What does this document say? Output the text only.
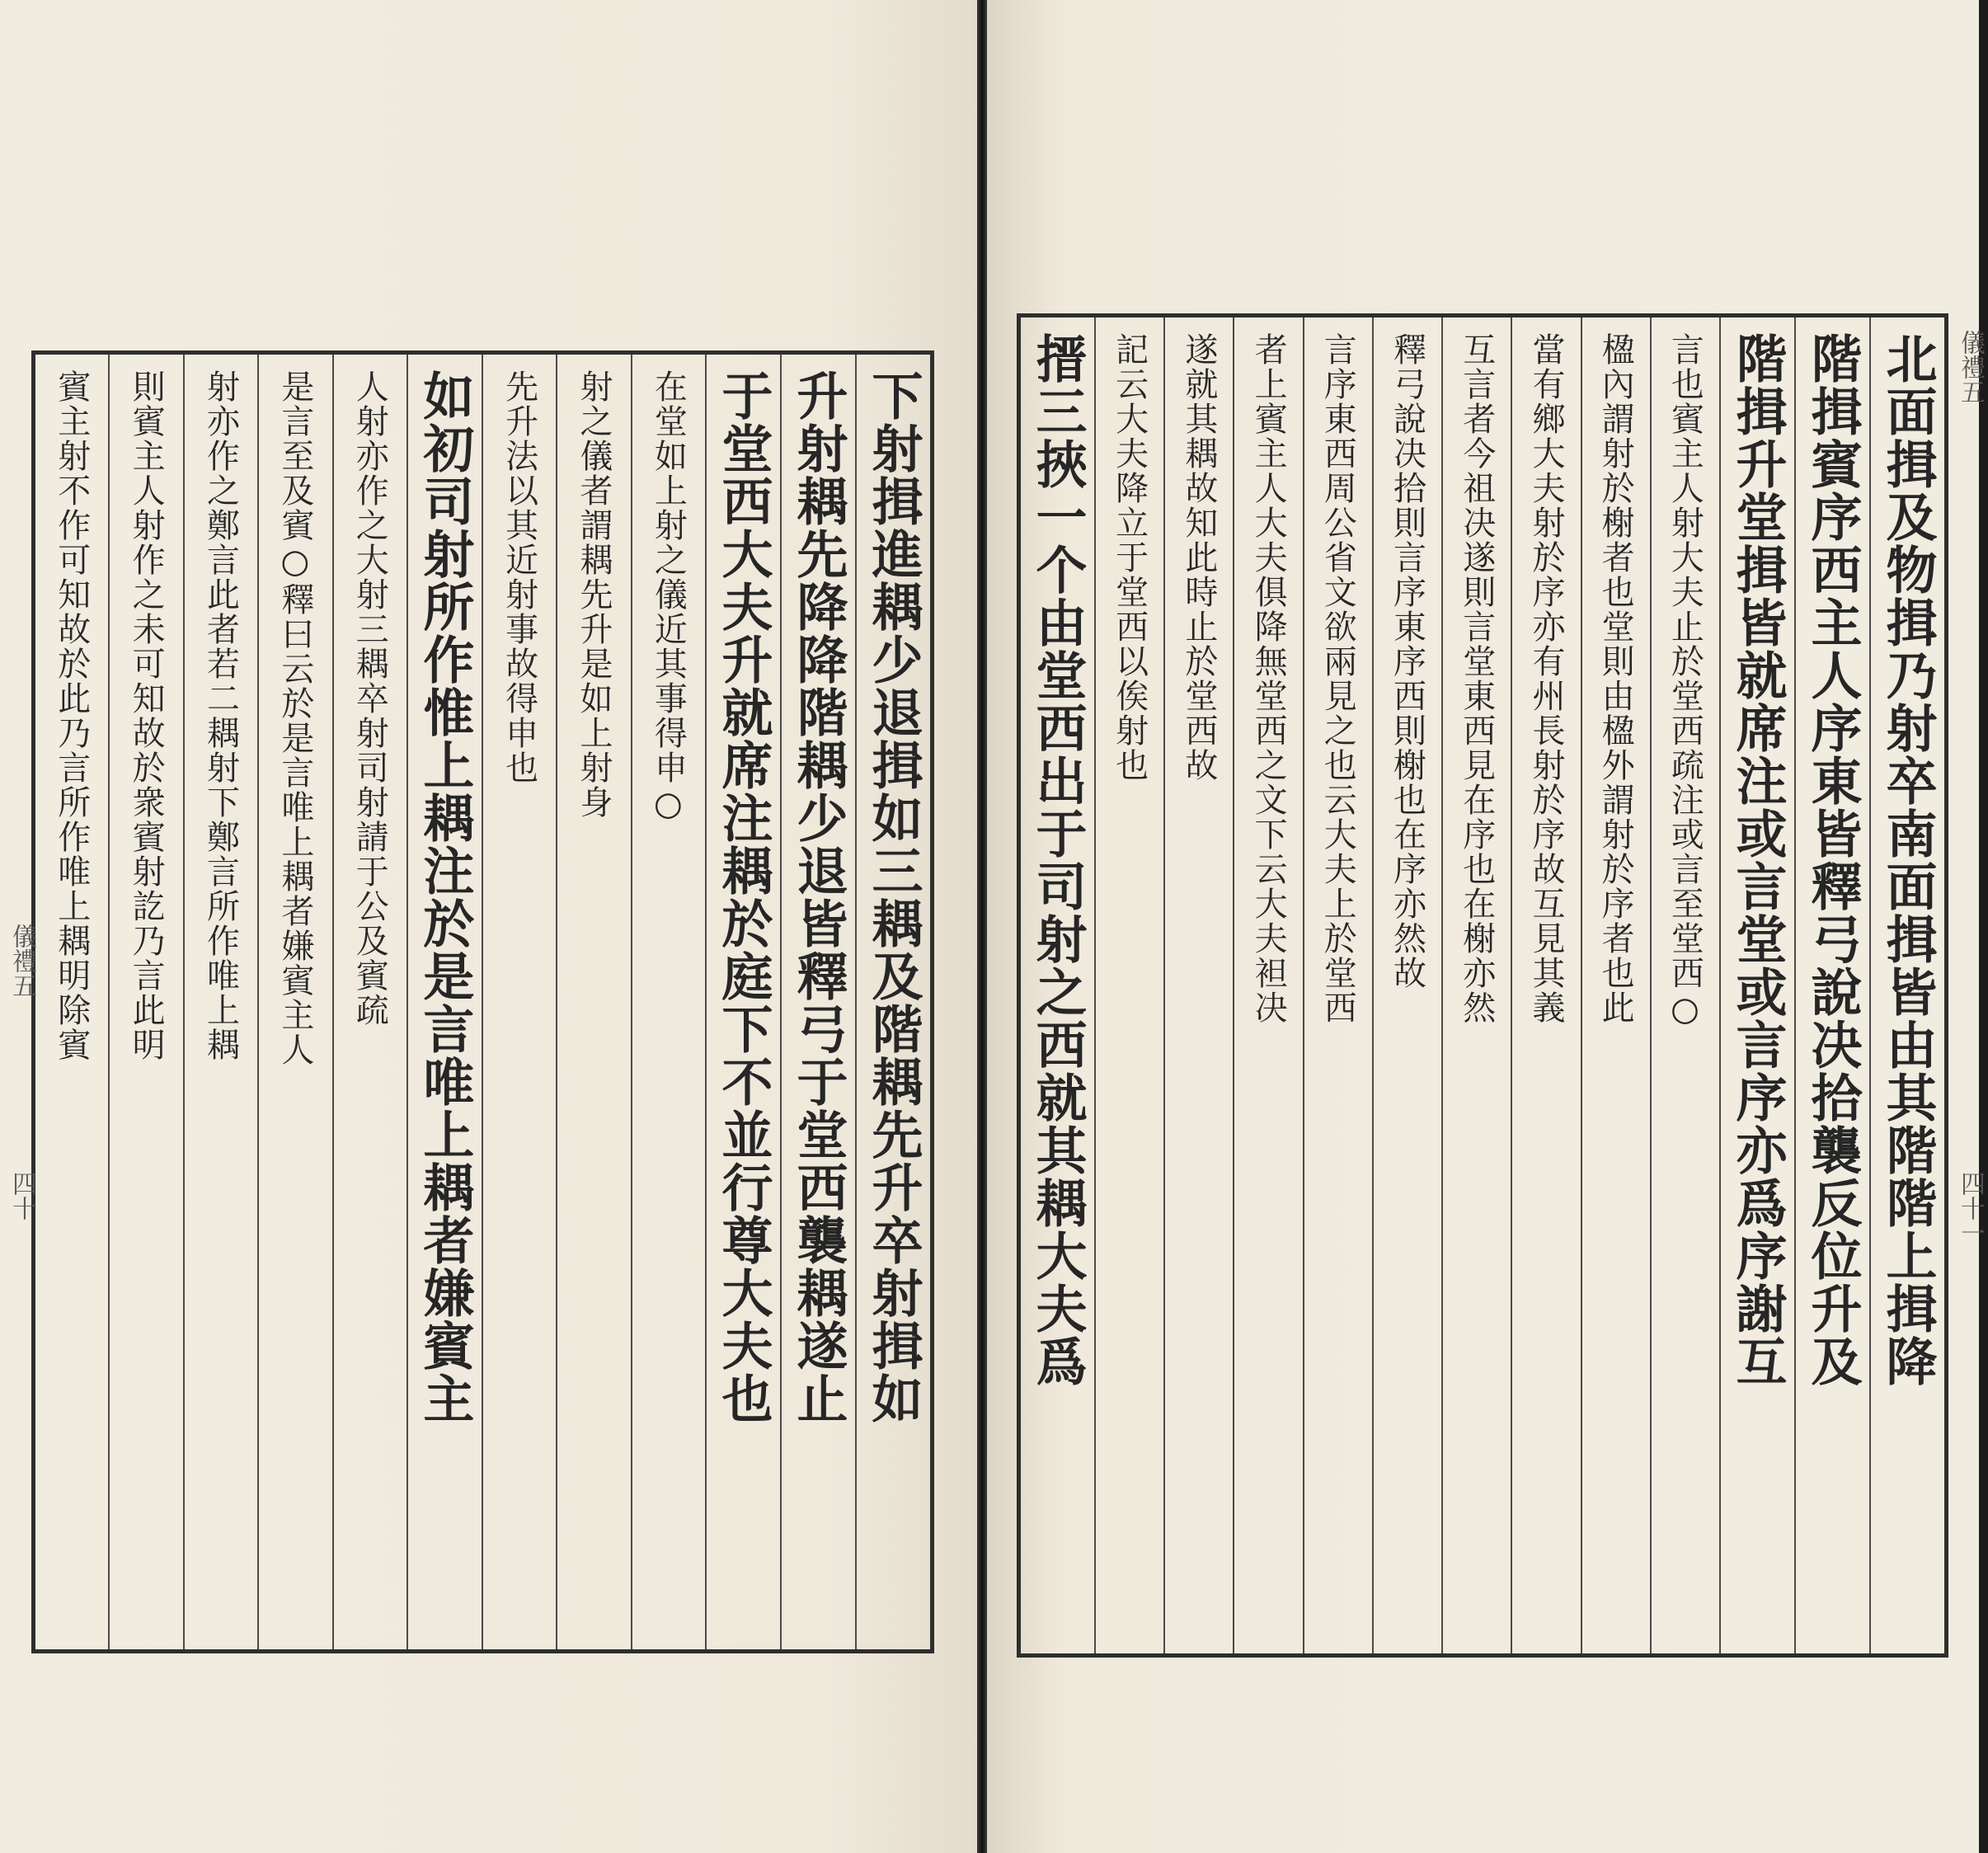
下射揖進耦少退揖如三耦及階耦先升卒射揖如
升射耦先降降階耦少退皆釋弓于堂西襲耦遂止
于堂西大夫升就席注耦於庭下不並行尊大夫也
在堂如上射之儀近其事得申○
射之儀者謂耦先升是如上射身
先升法以其近射事故得申也
如初司射所作惟上耦注於是言唯上耦者嫌賓主
人射亦作之大射三耦卒射司射請于公及賓疏
是言至及賓○釋曰云於是言唯上耦者嫌賓主人
射亦作之鄭言此者若二耦射下鄭言所作唯上耦
則賓主人射作之未可知故於衆賓射訖乃言此明
賓主射不作可知故於此乃言所作唯上耦明除賓
儀禮五
四十	北面揖及物揖乃射卒南面揖皆由其階階上揖降
階揖賓序西主人序東皆釋弓說决拾襲反位升及
階揖升堂揖皆就席注或言堂或言序亦爲序謝互
言也賓主人射大夫止於堂西疏注或言至堂西○
楹內謂射於榭者也堂則由楹外謂射於序者也此
當有鄉大夫射於序亦有州長射於序故互見其義
互言者今祖决遂則言堂東西見在序也在榭亦然
釋弓說决拾則言序東序西則榭也在序亦然故
言序東西周公省文欲兩見之也云大夫上於堂西
者上賓主人大夫俱降無堂西之文下云大夫袒决
遂就其耦故知此時止於堂西故
記云大夫降立于堂西以俟射也
搢三挾一个由堂西出于司射之西就其耦大夫爲	儀禮五
四十一
